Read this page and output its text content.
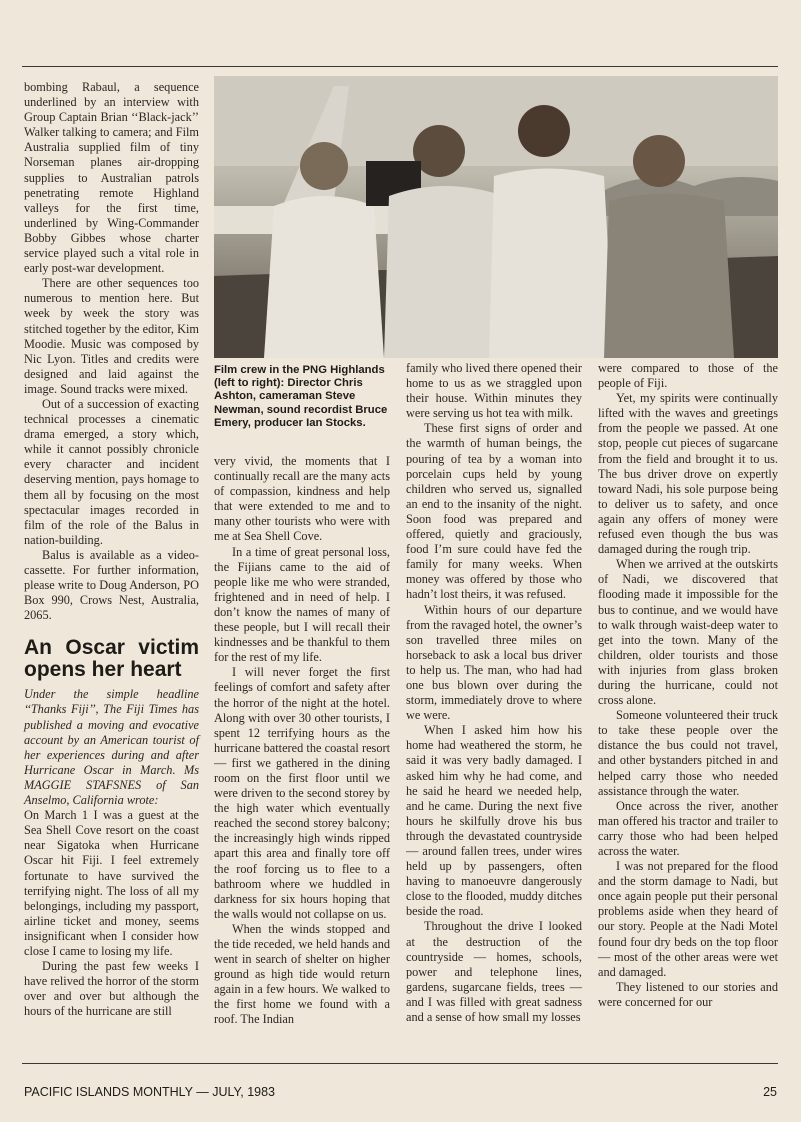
bombing Rabaul, a sequence underlined by an interview with Group Captain Brian ‘‘Black-jack’’ Walker talking to camera; and Film Australia supplied film of tiny Norseman planes air-dropping supplies to Australian patrols penetrating remote Highland valleys for the first time, underlined by Wing-Commander Bobby Gibbes whose charter service played such a vital role in early post-war development.

There are other sequences too numerous to mention here. But week by week the story was stitched together by the editor, Kim Moodie. Music was composed by Nic Lyon. Titles and credits were designed and laid against the image. Sound tracks were mixed.

Out of a succession of exacting technical processes a cinematic drama emerged, a story which, while it cannot possibly chronicle every character and incident deserving mention, pays homage to them all by focusing on the most spectacular images recorded in film of the role of the Balus in nation-building.

Balus is available as a video-cassette. For further information, please write to Doug Anderson, PO Box 990, Crows Nest, Australia, 2065.

An Oscar victim opens her heart

Under the simple headline ‘‘Thanks Fiji’’, The Fiji Times has published a moving and evocative account by an American tourist of her experiences during and after Hurricane Oscar in March. Ms MAGGIE STAFSNES of San Anselmo, California wrote:

On March 1 I was a guest at the Sea Shell Cove resort on the coast near Sigatoka when Hurricane Oscar hit Fiji. I feel extremely fortunate to have survived the terrifying night. The loss of all my belongings, including my passport, airline ticket and money, seems insignificant when I consider how close I came to losing my life.

During the past few weeks I have relived the horror of the storm over and over but although the hours of the hurricane are still

Film crew in the PNG Highlands (left to right): Director Chris Ashton, cameraman Steve Newman, sound recordist Bruce Emery, producer Ian Stocks.

very vivid, the moments that I continually recall are the many acts of compassion, kindness and help that were extended to me and to many other tourists who were with me at Sea Shell Cove.

In a time of great personal loss, the Fijians came to the aid of people like me who were stranded, frightened and in need of help. I don’t know the names of many of these people, but I will recall their kindnesses and be thankful to them for the rest of my life.

I will never forget the first feelings of comfort and safety after the horror of the night at the hotel. Along with over 30 other tourists, I spent 12 terrifying hours as the hurricane battered the coastal resort — first we gathered in the dining room on the first floor until we were driven to the second storey by the high water which eventually reached the second storey balcony; the increasingly high winds ripped apart this area and finally tore off the roof forcing us to flee to a bathroom where we huddled in darkness for six hours hoping that the walls would not collapse on us.

When the winds stopped and the tide receded, we held hands and went in search of shelter on higher ground as high tide would return again in a few hours. We walked to the first home we found with a roof. The Indian

family who lived there opened their home to us as we straggled upon their house. Within minutes they were serving us hot tea with milk.

These first signs of order and the warmth of human beings, the pouring of tea by a woman into porcelain cups held by young children who served us, signalled an end to the insanity of the night. Soon food was prepared and offered, quietly and graciously, food I’m sure could have fed the family for many weeks. When money was offered by those who hadn’t lost theirs, it was refused.

Within hours of our departure from the ravaged hotel, the owner’s son travelled three miles on horseback to ask a local bus driver to help us. The man, who had had one bus blown over during the storm, immediately drove to where we were.

When I asked him how his home had weathered the storm, he said it was very badly damaged. I asked him why he had come, and he said he heard we needed help, and he came. During the next five hours he skilfully drove his bus through the devastated countryside — around fallen trees, under wires held up by passengers, often having to manoeuvre dangerously close to the flooded, muddy ditches beside the road.

Throughout the drive I looked at the destruction of the countryside — homes, schools, power and telephone lines, gardens, sugarcane fields, trees — and I was filled with great sadness and a sense of how small my losses

were compared to those of the people of Fiji.

Yet, my spirits were continually lifted with the waves and greetings from the people we passed. At one stop, people cut pieces of sugarcane from the field and brought it to us. The bus driver drove on expertly toward Nadi, his sole purpose being to deliver us to safety, and once again any offers of money were refused even though the bus was damaged during the rough trip.

When we arrived at the outskirts of Nadi, we discovered that flooding made it impossible for the bus to continue, and we would have to walk through waist-deep water to get into the town. Many of the children, older tourists and those with injuries from glass broken during the hurricane, could not cross alone.

Someone volunteered their truck to take these people over the distance the bus could not travel, and other bystanders pitched in and helped carry those who needed assistance through the water.

Once across the river, another man offered his tractor and trailer to carry those who had been helped across the water.

I was not prepared for the flood and the storm damage to Nadi, but once again people put their personal problems aside when they heard of our story. People at the Nadi Motel found four dry beds on the top floor — most of the other areas were wet and damaged.

They listened to our stories and were concerned for our

PACIFIC ISLANDS MONTHLY — JULY, 1983	25
